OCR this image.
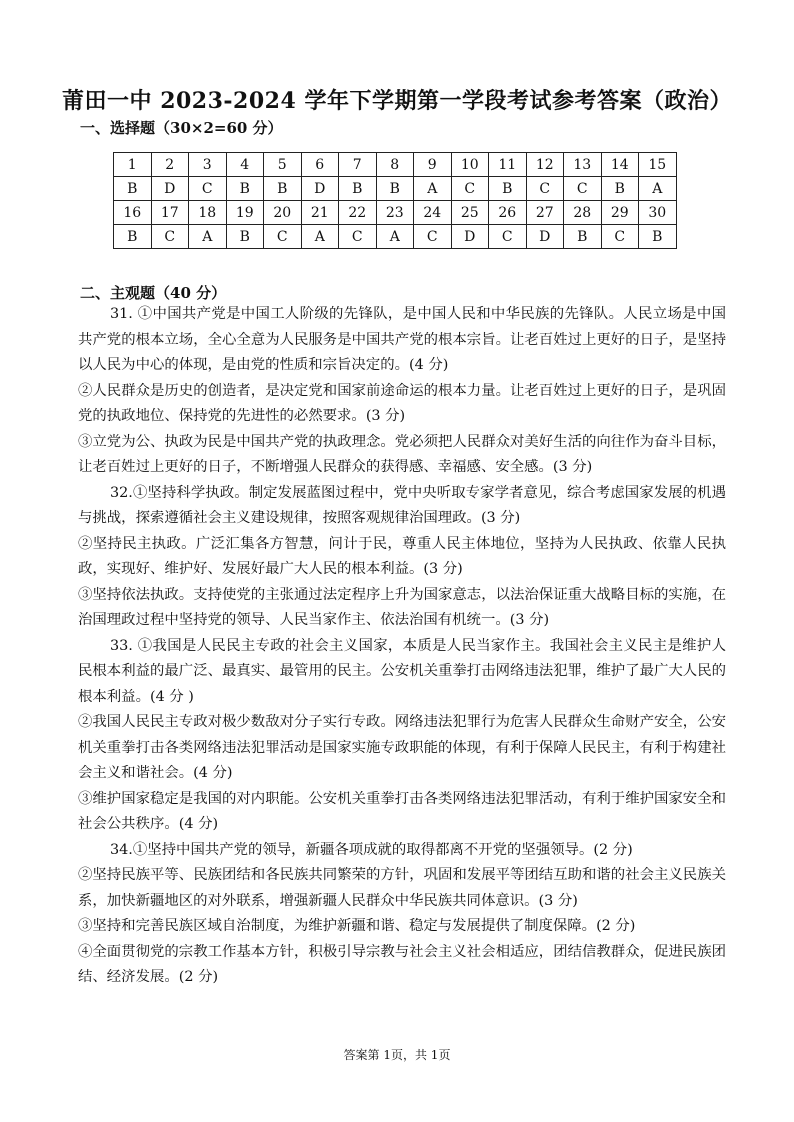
莆田一中 2023-2024 学年下学期第一学段考试参考答案（政治）
一、选择题（30×2=60 分）
1	2	3	4	5	6	7	8	9	10	11	12	13	14	15
B	D	C	B	B	D	B	B	A	C	B	C	C	B	A
16	17	18	19	20	21	22	23	24	25	26	27	28	29	30
B	C	A	B	C	A	C	A	C	D	C	D	B	C	B
二、主观题（40 分）

31. ①中国共产党是中国工人阶级的先锋队，是中国人民和中华民族的先锋队。人民立场是中国共产党的根本立场，全心全意为人民服务是中国共产党的根本宗旨。让老百姓过上更好的日子，是坚持以人民为中心的体现，是由党的性质和宗旨决定的。(4 分)

②人民群众是历史的创造者，是决定党和国家前途命运的根本力量。让老百姓过上更好的日子，是巩固党的执政地位、保持党的先进性的必然要求。(3 分)

③立党为公、执政为民是中国共产党的执政理念。党必须把人民群众对美好生活的向往作为奋斗目标，让老百姓过上更好的日子，不断增强人民群众的获得感、幸福感、安全感。(3 分)

32.①坚持科学执政。制定发展蓝图过程中，党中央听取专家学者意见，综合考虑国家发展的机遇与挑战，探索遵循社会主义建设规律，按照客观规律治国理政。(3 分)

②坚持民主执政。广泛汇集各方智慧，问计于民，尊重人民主体地位，坚持为人民执政、依靠人民执政，实现好、维护好、发展好最广大人民的根本利益。(3 分)

③坚持依法执政。支持使党的主张通过法定程序上升为国家意志，以法治保证重大战略目标的实施，在治国理政过程中坚持党的领导、人民当家作主、依法治国有机统一。(3 分)

33. ①我国是人民民主专政的社会主义国家，本质是人民当家作主。我国社会主义民主是维护人民根本利益的最广泛、最真实、最管用的民主。公安机关重拳打击网络违法犯罪，维护了最广大人民的根本利益。(4 分 )

②我国人民民主专政对极少数敌对分子实行专政。网络违法犯罪行为危害人民群众生命财产安全，公安机关重拳打击各类网络违法犯罪活动是国家实施专政职能的体现，有利于保障人民民主，有利于构建社会主义和谐社会。(4 分)

③维护国家稳定是我国的对内职能。公安机关重拳打击各类网络违法犯罪活动，有利于维护国家安全和社会公共秩序。(4 分)

34.①坚持中国共产党的领导，新疆各项成就的取得都离不开党的坚强领导。(2 分)

②坚持民族平等、民族团结和各民族共同繁荣的方针，巩固和发展平等团结互助和谐的社会主义民族关系，加快新疆地区的对外联系，增强新疆人民群众中华民族共同体意识。(3 分)

③坚持和完善民族区域自治制度，为维护新疆和谐、稳定与发展提供了制度保障。(2 分)

④全面贯彻党的宗教工作基本方针，积极引导宗教与社会主义社会相适应，团结信教群众，促进民族团结、经济发展。(2 分)

答案第 1页，共 1页
